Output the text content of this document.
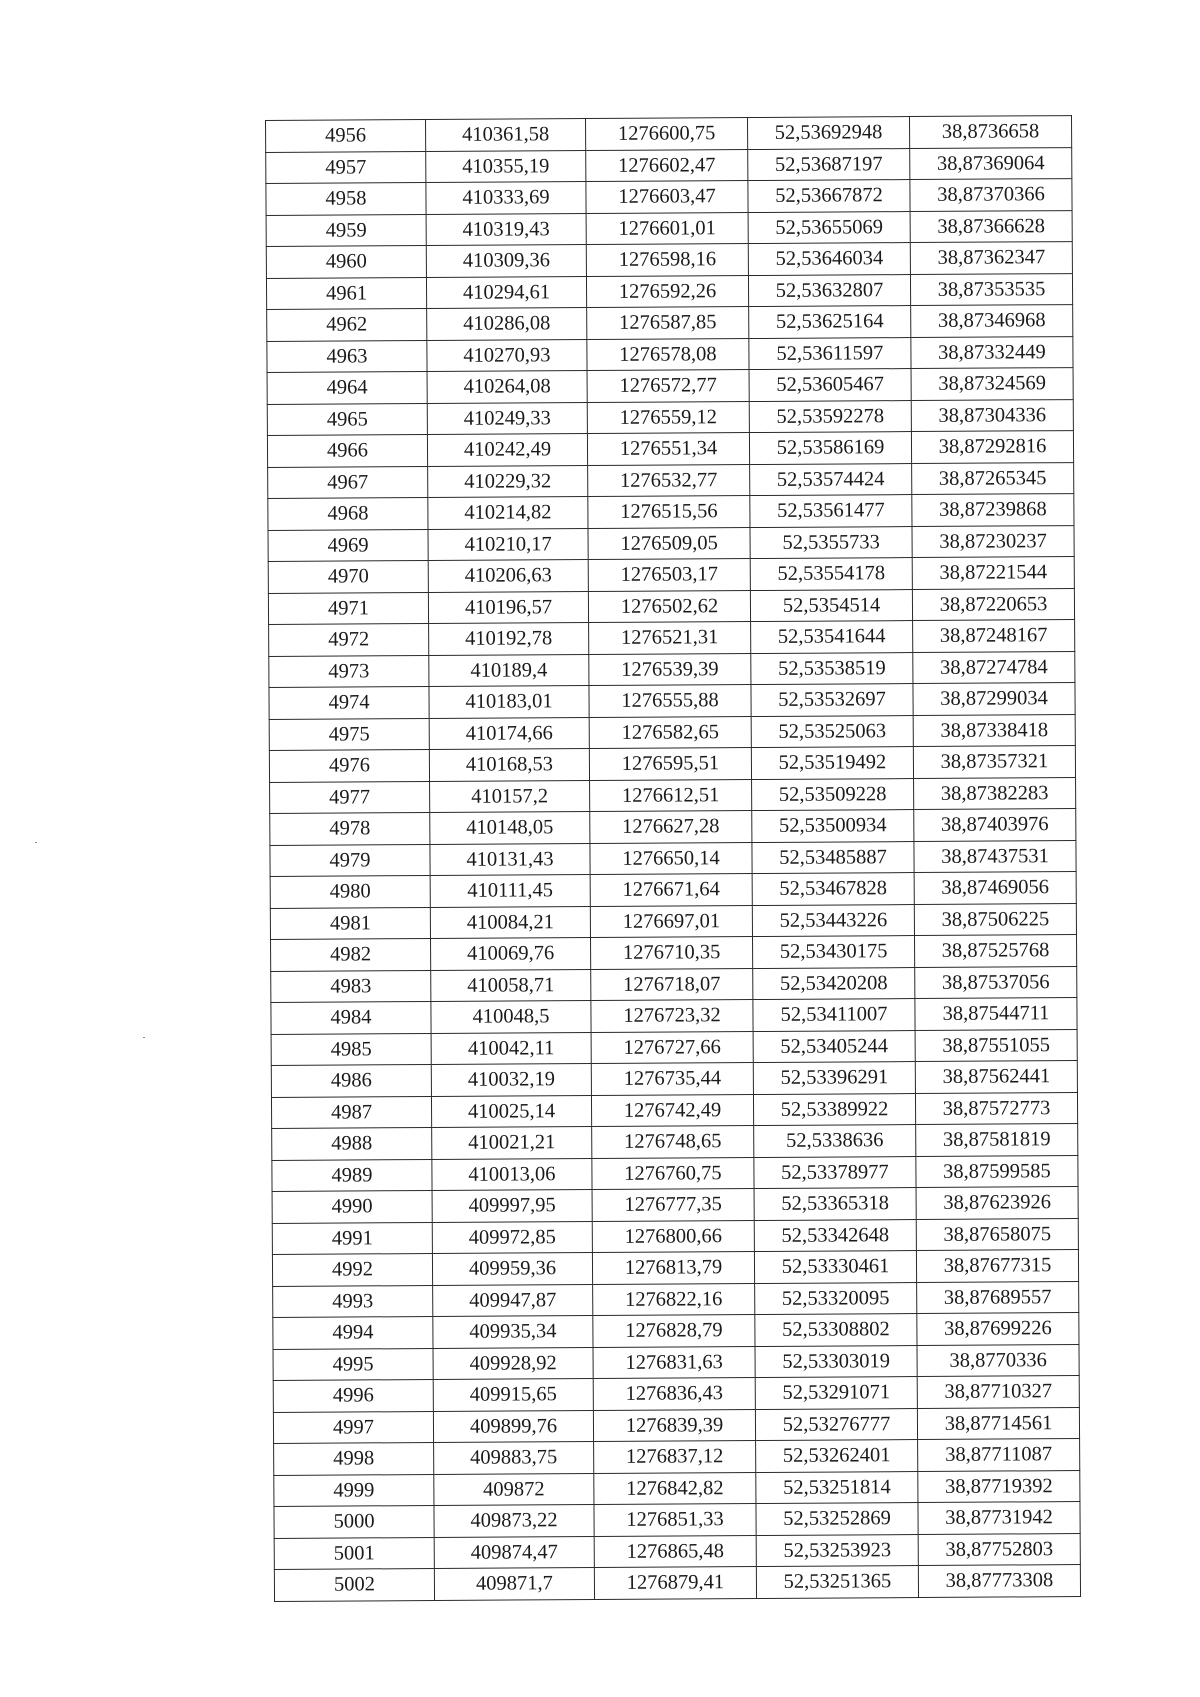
4956	410361,58	1276600,75	52,53692948	38,8736658
4957	410355,19	1276602,47	52,53687197	38,87369064
4958	410333,69	1276603,47	52,53667872	38,87370366
4959	410319,43	1276601,01	52,53655069	38,87366628
4960	410309,36	1276598,16	52,53646034	38,87362347
4961	410294,61	1276592,26	52,53632807	38,87353535
4962	410286,08	1276587,85	52,53625164	38,87346968
4963	410270,93	1276578,08	52,53611597	38,87332449
4964	410264,08	1276572,77	52,53605467	38,87324569
4965	410249,33	1276559,12	52,53592278	38,87304336
4966	410242,49	1276551,34	52,53586169	38,87292816
4967	410229,32	1276532,77	52,53574424	38,87265345
4968	410214,82	1276515,56	52,53561477	38,87239868
4969	410210,17	1276509,05	52,5355733	38,87230237
4970	410206,63	1276503,17	52,53554178	38,87221544
4971	410196,57	1276502,62	52,5354514	38,87220653
4972	410192,78	1276521,31	52,53541644	38,87248167
4973	410189,4	1276539,39	52,53538519	38,87274784
4974	410183,01	1276555,88	52,53532697	38,87299034
4975	410174,66	1276582,65	52,53525063	38,87338418
4976	410168,53	1276595,51	52,53519492	38,87357321
4977	410157,2	1276612,51	52,53509228	38,87382283
4978	410148,05	1276627,28	52,53500934	38,87403976
4979	410131,43	1276650,14	52,53485887	38,87437531
4980	410111,45	1276671,64	52,53467828	38,87469056
4981	410084,21	1276697,01	52,53443226	38,87506225
4982	410069,76	1276710,35	52,53430175	38,87525768
4983	410058,71	1276718,07	52,53420208	38,87537056
4984	410048,5	1276723,32	52,53411007	38,87544711
4985	410042,11	1276727,66	52,53405244	38,87551055
4986	410032,19	1276735,44	52,53396291	38,87562441
4987	410025,14	1276742,49	52,53389922	38,87572773
4988	410021,21	1276748,65	52,5338636	38,87581819
4989	410013,06	1276760,75	52,53378977	38,87599585
4990	409997,95	1276777,35	52,53365318	38,87623926
4991	409972,85	1276800,66	52,53342648	38,87658075
4992	409959,36	1276813,79	52,53330461	38,87677315
4993	409947,87	1276822,16	52,53320095	38,87689557
4994	409935,34	1276828,79	52,53308802	38,87699226
4995	409928,92	1276831,63	52,53303019	38,8770336
4996	409915,65	1276836,43	52,53291071	38,87710327
4997	409899,76	1276839,39	52,53276777	38,87714561
4998	409883,75	1276837,12	52,53262401	38,87711087
4999	409872	1276842,82	52,53251814	38,87719392
5000	409873,22	1276851,33	52,53252869	38,87731942
5001	409874,47	1276865,48	52,53253923	38,87752803
5002	409871,7	1276879,41	52,53251365	38,87773308
